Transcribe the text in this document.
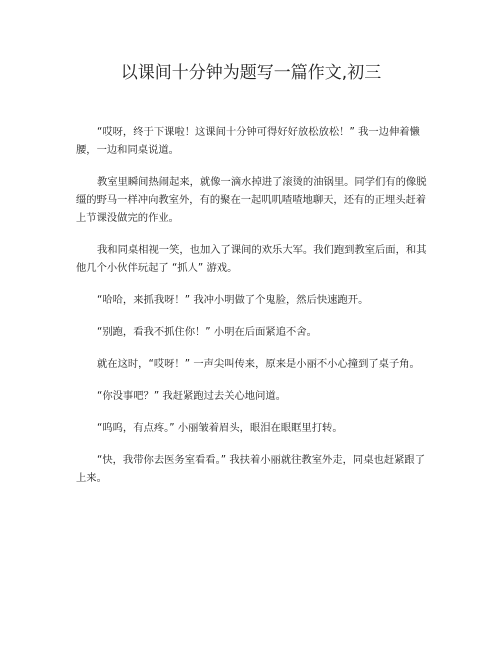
以课间十分钟为题写一篇作文,初三

“哎呀，终于下课啦！这课间十分钟可得好好放松放松！” 我一边伸着懒腰，一边和同桌说道。

教室里瞬间热闹起来，就像一滴水掉进了滚烫的油锅里。同学们有的像脱缰的野马一样冲向教室外，有的聚在一起叽叽喳喳地聊天，还有的正埋头赶着上节课没做完的作业。

我和同桌相视一笑，也加入了课间的欢乐大军。我们跑到教室后面，和其他几个小伙伴玩起了 “抓人” 游戏。

“哈哈，来抓我呀！” 我冲小明做了个鬼脸，然后快速跑开。

“别跑，看我不抓住你！” 小明在后面紧追不舍。

就在这时，“哎呀！” 一声尖叫传来，原来是小丽不小心撞到了桌子角。

“你没事吧？” 我赶紧跑过去关心地问道。

“呜呜，有点疼。” 小丽皱着眉头，眼泪在眼眶里打转。

“快，我带你去医务室看看。” 我扶着小丽就往教室外走，同桌也赶紧跟了上来。
